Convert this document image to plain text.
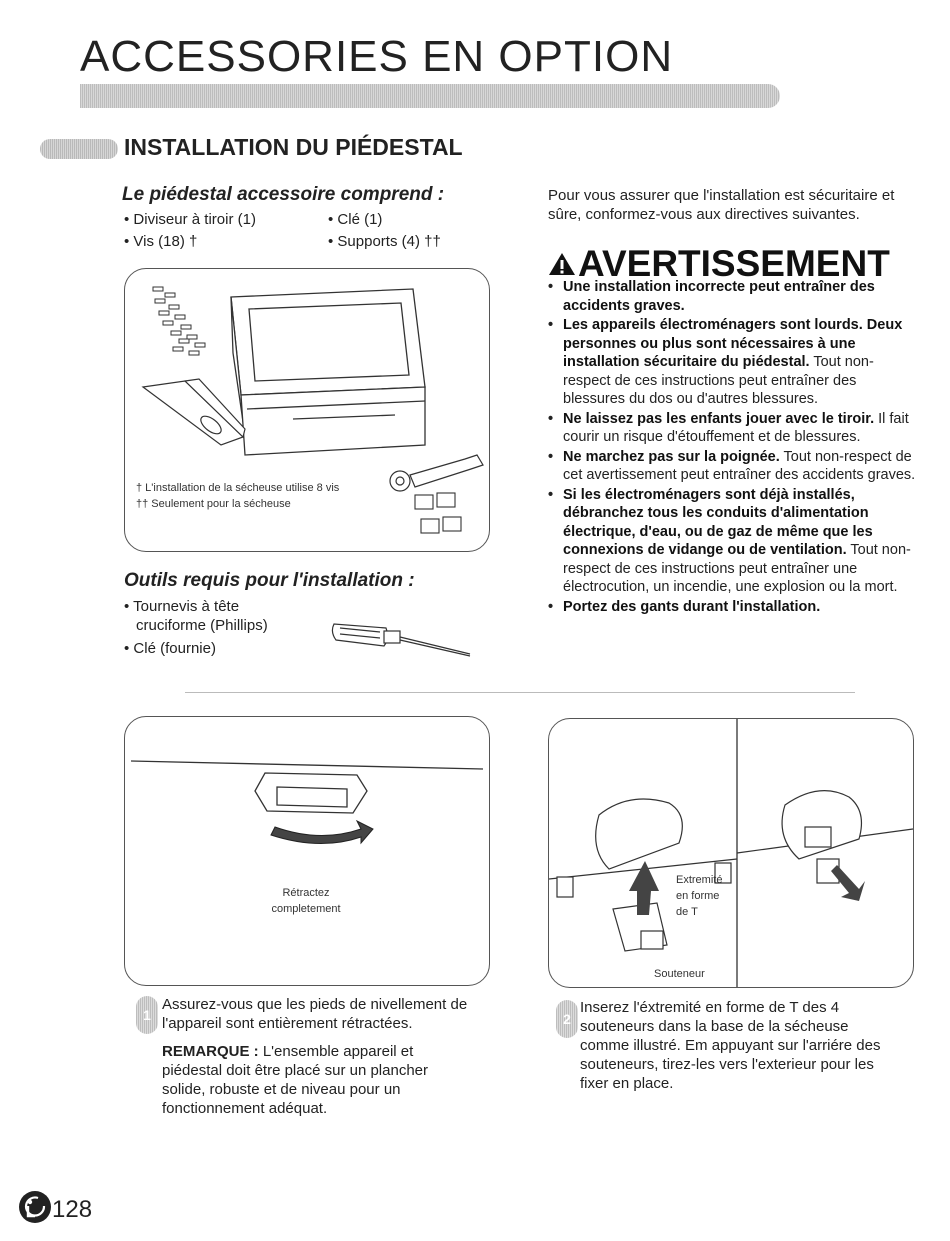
ACCESSORIES EN OPTION
INSTALLATION DU PIÉDESTAL
Le piédestal accessoire comprend :
• Diviseur à tiroir (1)	• Clé (1)
• Vis (18) †	• Supports (4) ††
† L'installation de la sécheuse utilise 8 vis
†† Seulement pour la sécheuse
Outils requis pour l'installation :
• Tournevis à tête
cruciforme (Phillips)
• Clé (fournie)
Pour vous assurer que l'installation est sécuritaire et sûre, conformez-vous aux directives suivantes.
AVERTISSEMENT
• Une installation incorrecte peut entraîner des accidents graves.
• Les appareils électroménagers sont lourds. Deux personnes ou plus sont nécessaires à une installation sécuritaire du piédestal. Tout non-respect de ces instructions peut entraîner des blessures du dos ou d'autres blessures.
• Ne laissez pas les enfants jouer avec le tiroir. Il fait courir un risque d'étouffement et de blessures.
• Ne marchez pas sur la poignée. Tout non-respect de cet avertissement peut entraîner des accidents graves.
• Si les électroménagers sont déjà installés, débranchez tous les conduits d'alimentation électrique, d'eau, ou de gaz de même que les connexions de vidange ou de ventilation. Tout non-respect de ces instructions peut entraîner une électrocution, un incendie, une explosion ou la mort.
• Portez des gants durant l'installation.
Rétractez
completement
1
Assurez-vous que les pieds de nivellement de l'appareil sont entièrement rétractées.
REMARQUE : L'ensemble appareil et piédestal doit être placé sur un plancher solide, robuste et de niveau pour un fonctionnement adéquat.
Extremité
en forme
de T
Souteneur
2
Inserez l'éxtremité en forme de T des 4 souteneurs dans la base de la sécheuse comme illustré. Em appuyant sur l'arriére des souteneurs, tirez-les vers l'exterieur pour les fixer en place.
128
